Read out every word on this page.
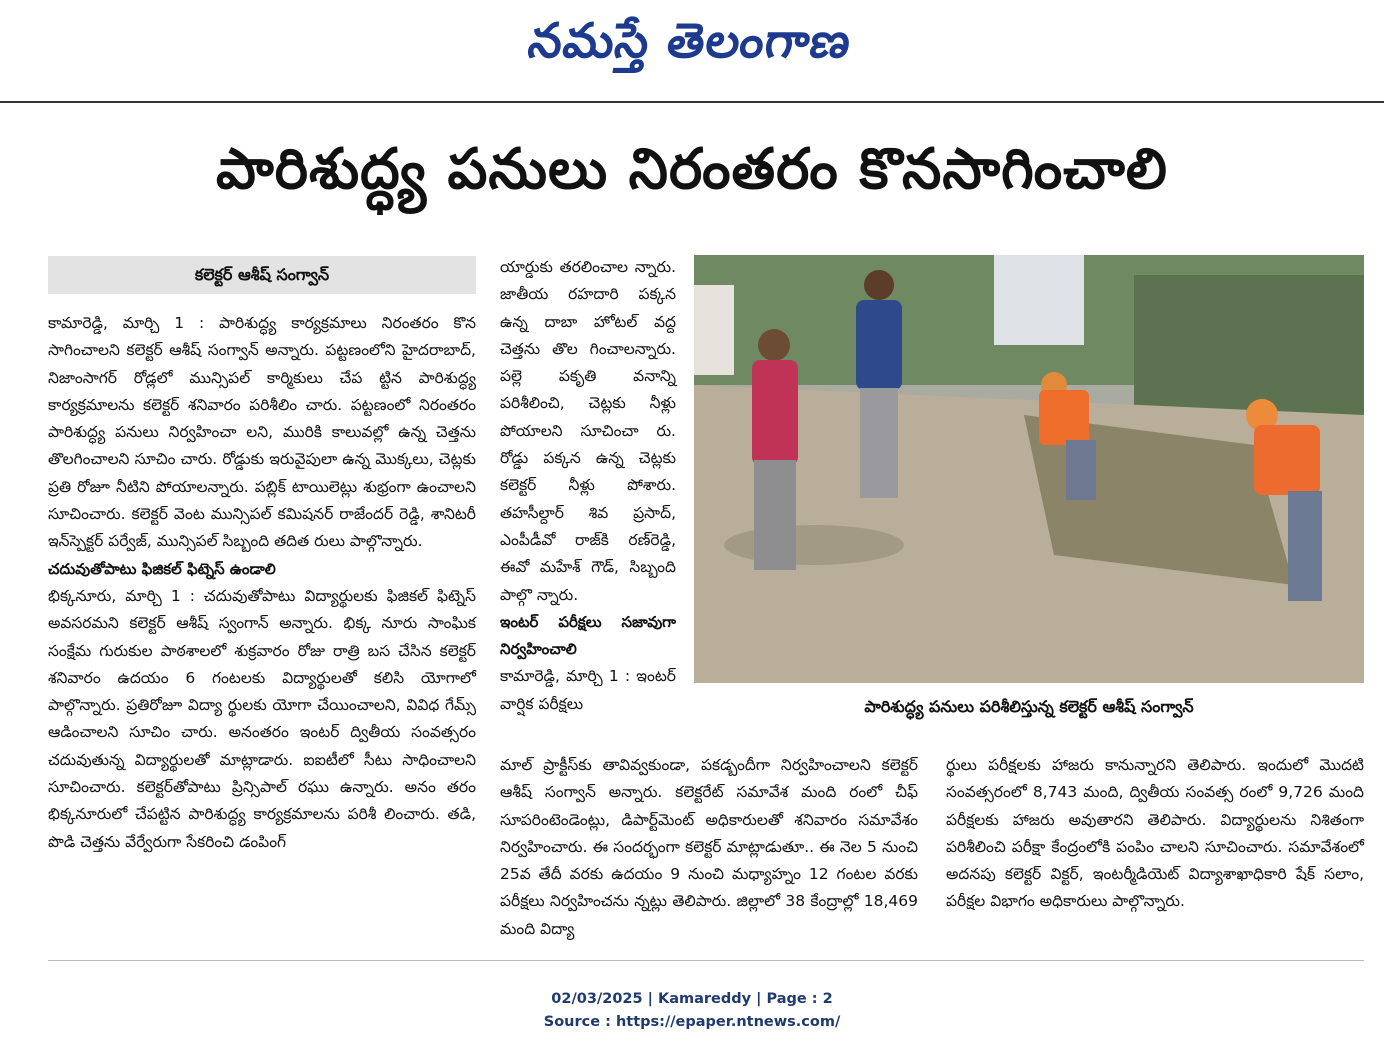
నమస్తే తెలంగాణ
పారిశుద్ధ్య పనులు నిరంతరం కొనసాగించాలి
కలెక్టర్ ఆశీష్ సంగ్వాన్

కామారెడ్డి, మార్చి 1 : పారిశుద్ధ్య కార్యక్రమాలు నిరంతరం కొన సాగించాలని కలెక్టర్ ఆశీష్ సంగ్వాన్ అన్నారు. పట్టణంలోని హైదరాబాద్, నిజాంసాగర్ రోడ్లలో మున్సిపల్ కార్మికులు చేప ట్టిన పారిశుద్ధ్య కార్యక్రమాలను కలెక్టర్ శనివారం పరిశీలిం చారు. పట్టణంలో నిరంతరం పారిశుద్ధ్య పనులు నిర్వహించా లని, మురికి కాలువల్లో ఉన్న చెత్తను తొలగించాలని సూచిం చారు. రోడ్డుకు ఇరువైపులా ఉన్న మొక్కలు, చెట్లకు ప్రతి రోజూ నీటిని పోయాలన్నారు. పబ్లిక్ టాయిలెట్లు శుభ్రంగా ఉంచాలని సూచించారు. కలెక్టర్ వెంట మున్సిపల్ కమిషనర్ రాజేందర్ రెడ్డి, శానిటరీ ఇన్‌స్పెక్టర్ పర్వేజ్, మున్సిపల్ సిబ్బంది తదిత రులు పాల్గొన్నారు.

చదువుతోపాటు ఫిజికల్ ఫిట్నెస్ ఉండాలి

భిక్కనూరు, మార్చి 1 : చదువుతోపాటు విద్యార్థులకు ఫిజికల్ ఫిట్నెస్ అవసరమని కలెక్టర్ ఆశీష్ స్వంగాన్ అన్నారు. భిక్క నూరు సాంఘిక సంక్షేమ గురుకుల పాఠశాలలో శుక్రవారం రోజు రాత్రి బస చేసిన కలెక్టర్ శనివారం ఉదయం 6 గంటలకు విద్యార్థులతో కలిసి యోగాలో పాల్గొన్నారు. ప్రతిరోజూ విద్యా ర్థులకు యోగా చేయించాలని, వివిధ గేమ్స్ ఆడించాలని సూచిం చారు. అనంతరం ఇంటర్ ద్వితీయ సంవత్సరం చదువుతున్న విద్యార్థులతో మాట్లాడారు. ఐఐటీలో సీటు సాధించాలని సూచించారు. కలెక్టర్‌తోపాటు ప్రిన్సిపాల్ రఘు ఉన్నారు. అనం తరం భిక్కనూరులో చేపట్టిన పారిశుద్ధ్య కార్యక్రమాలను పరిశీ లించారు. తడి, పొడి చెత్తను వేర్వేరుగా సేకరించి డంపింగ్

యార్డుకు తరలించాల న్నారు. జాతీయ రహదారి పక్కన ఉన్న దాబా హోటల్ వద్ద చెత్తను తొల గించాలన్నారు. పల్లె పకృతి వనాన్ని పరిశీలించి, చెట్లకు నీళ్లు పోయాలని సూచించా రు. రోడ్డు పక్కన ఉన్న చెట్లకు కలెక్టర్ నీళ్లు పోశారు. తహసీల్దార్ శివ ప్రసాద్, ఎంపీడీవో రాజ్‌కి రణ్‌రెడ్డి, ఈవో మహేశ్ గౌడ్, సిబ్బంది పాల్గొ న్నారు.

ఇంటర్ పరీక్షలు సజావుగా నిర్వహించాలి

కామారెడ్డి, మార్చి 1 : ఇంటర్ వార్షిక పరీక్షలు	పారిశుద్ధ్య పనులు పరిశీలిస్తున్న కలెక్టర్ ఆశీష్ సంగ్వాన్

మాల్ ప్రాక్టీస్‌కు తావివ్వకుండా, పకడ్బందీగా నిర్వహించాలని కలెక్టర్ ఆశీష్ సంగ్వాన్ అన్నారు. కలెక్టరేట్ సమావేశ మంది రంలో చీఫ్ సూపరింటెండెంట్లు, డిపార్ట్‌మెంట్ అధికారులతో శనివారం సమావేశం నిర్వహించారు. ఈ సందర్భంగా కలెక్టర్ మాట్లాడుతూ.. ఈ నెల 5 నుంచి 25వ తేదీ వరకు ఉదయం 9 నుంచి మధ్యాహ్నం 12 గంటల వరకు పరీక్షలు నిర్వహించను న్నట్లు తెలిపారు. జిల్లాలో 38 కేంద్రాల్లో 18,469 మంది విద్యా

ర్థులు పరీక్షలకు హాజరు కానున్నారని తెలిపారు. ఇందులో మొదటి సంవత్సరంలో 8,743 మంది, ద్వితీయ సంవత్స రంలో 9,726 మంది పరీక్షలకు హాజరు అవుతారని తెలిపారు. విద్యార్థులను నిశితంగా పరిశీలించి పరీక్షా కేంద్రంలోకి పంపిం చాలని సూచించారు. సమావేశంలో అదనపు కలెక్టర్ విక్టర్, ఇంటర్మీడియెట్ విద్యాశాఖాధికారి షేక్ సలాం, పరీక్షల విభాగం అధికారులు పాల్గొన్నారు.

02/03/2025 | Kamareddy | Page : 2
Source : https://epaper.ntnews.com/
